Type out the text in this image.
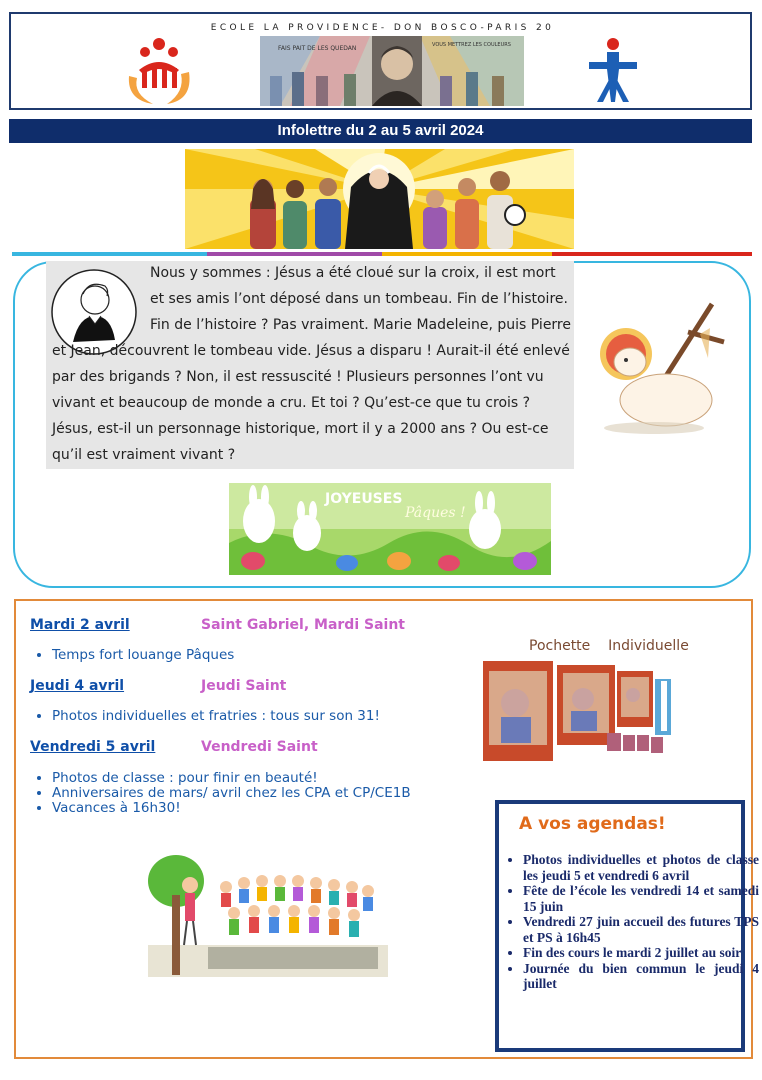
ECOLE LA PROVIDENCE- DON BOSCO-PARIS 20
FAIS PAIT DE LES QUEDAN	VOUS METTREZ LES COULEURS
Infolettre du 2 au 5 avril 2024

Nous y sommes : Jésus a été cloué sur la croix, il est mort et ses amis l’ont déposé dans un tombeau. Fin de l’histoire.

Fin de l’histoire ? Pas vraiment. Marie Madeleine, puis Pierre et Jean, découvrent le tombeau vide. Jésus a disparu ! Aurait-il été enlevé par des brigands ? Non, il est ressuscité ! Plusieurs personnes l’ont vu vivant et beaucoup de monde a cru. Et toi ? Qu’est-ce que tu crois ? Jésus, est-il un personnage historique, mort il y a 2000 ans ? Ou est-ce qu’il est vraiment vivant ?

JOYEUSES
Pâques !
Mardi 2 avril	Saint Gabriel, Mardi Saint
• Temps fort louange Pâques
Jeudi 4 avril	Jeudi Saint
• Photos individuelles et fratries : tous sur son 31!
Vendredi 5 avril	Vendredi Saint
• Photos de classe : pour finir en beauté!
• Anniversaires de mars/ avril chez les CPA et CP/CE1B
• Vacances à 16h30!
Pochette    Individuelle
A vos agendas!
• Photos individuelles et photos de classe les jeudi 5 et vendredi 6 avril
• Fête de l’école les vendredi 14 et samedi 15 juin
• Vendredi 27 juin accueil des futures TPS et PS à 16h45
• Fin des cours le mardi 2 juillet au soir
• Journée du bien commun le jeudi 4 juillet
